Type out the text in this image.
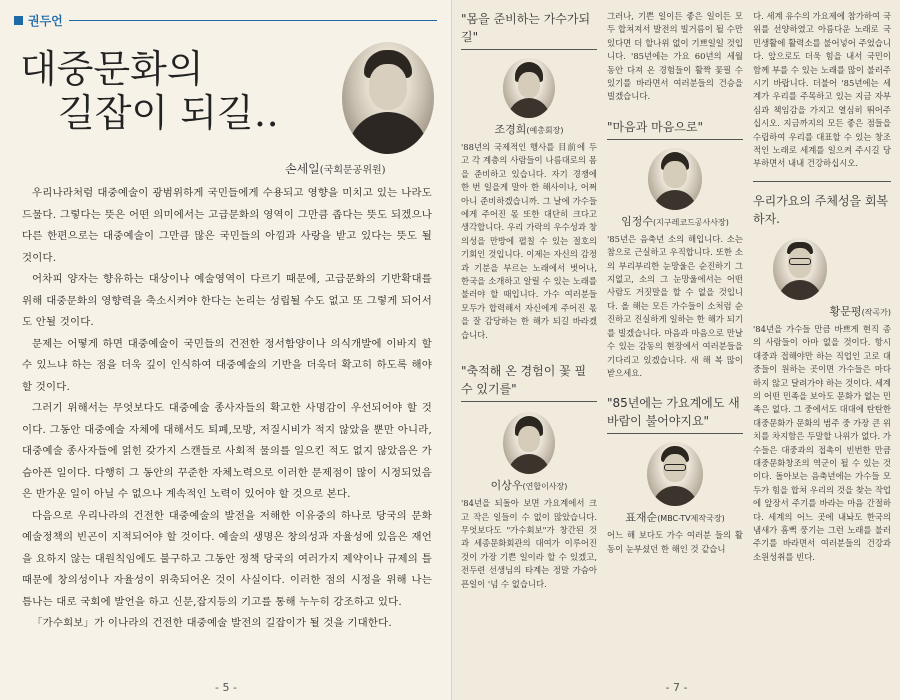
권두언
대중문화의
길잡이 되길‥
손세일(국회문공위원)

우리나라처럼 대중예술이 광범위하게 국민들에게 수용되고 영향을 미치고 있는 나라도 드물다. 그렇다는 뜻은 어떤 의미에서는 고급문화의 영역이 그만큼 좁다는 뜻도 되겠으나 다른 한편으로는 대중예술이 그만큼 많은 국민들의 아낌과 사랑을 받고 있다는 뜻도 될 것이다.

어차피 양자는 향유하는 대상이나 예술영역이 다르기 때문에, 고급문화의 기반확대를 위해 대중문화의 영향력을 축소시켜야 한다는 논리는 성립될 수도 없고 또 그렇게 되어서도 안될 것이다.

문제는 어떻게 하면 대중예술이 국민들의 건전한 정서함양이나 의식개발에 이바지 할 수 있느냐 하는 점을 더욱 깊이 인식하여 대중예술의 기반을 더욱더 확고히 하도록 해야 할 것이다.

그러기 위해서는 무엇보다도 대중예술 종사자들의 확고한 사명감이 우선되어야 할 것이다. 그동안 대중예술 자체에 대해서도 퇴폐,모방, 저질시비가 적지 않았을 뿐만 아니라, 대중예술 종사자들에 얽힌 갖가지 스캔들로 사회적 물의를 일으킨 적도 없지 않았음은 가슴아픈 일이다. 다행히 그 동안의 꾸준한 자체노력으로 이러한 문제점이 많이 시정되었음은 반가운 일이 아닐 수 없으나 계속적인 노력이 있어야 할 것으로 본다.

다음으로 우리나라의 건전한 대중예술의 발전을 저해한 이유중의 하나로 당국의 문화예술정책의 빈곤이 지적되어야 할 것이다. 예술의 생명은 창의성과 자율성에 있음은 재언을 요하지 않는 대원칙임에도 불구하고 그동안 정책 당국의 여러가지 제약이나 규제의 틀 때문에 창의성이나 자율성이 위축되어온 것이 사실이다. 이러한 점의 시정을 위해 나는 틈나는 대로 국회에 발언을 하고 신문,잡지등의 기고를 통해 누누히 강조하고 있다.

「가수회보」가 이나라의 건전한 대중예술 발전의 길잡이가 될 것을 기대한다.

- 5 -
"몸을 준비하는 가수가되길"
조경희(예총회장)
'88년의 국제적인 행사를 目前에 두고 각 계층의 사람들이 나름대로의 몸을 준비하고 있습니다. 자기 경쟁에 한 번 일을게 말아 한 해사이나, 어쩌 아니 준비하겠습니까. 그 날에 가수들에게 주어진 몫 또한 대단히 크다고 생각합니다. 우리 가락의 우수성과 창의성을 만방에 펼칠 수 있는 절호의 기회인 것입니다. 이제는 자신의 감정과 기분을 부르는 노래에서 벗어나, 한국을 소개하고 알릴 수 있는 노래를 불러야 할 때입니다. 가수 여러분들 모두가 합력해서 자신에게 주어진 몫을 잘 감당하는 한 해가 되길 바라겠습니다.
"축적해 온 경험이 꽃 필 수 있기를"
이상우(연합이사장)
'84년을 되돌아 보면 가요계에서 크고 작은 일들이 수 없이 많았습니다. 무엇보다도 "가수회보"가 창간된 것과 세종문화회관의 대여가 이루어진 것이 가장 기쁜 일이라 할 수 있겠고, 전두련 선생님의 타계는 정말 가슴아픈일이 '넘 수 없습니다.
그러나, 기쁜 일이든 좋은 일이든 모두 합쳐져서 발전의 빌거름이 될 수만 있다면 더 할나위 없이 기쁘일일 것입니다. '85년에는 가요 60년의 세월 동안 다져 온 경험들이 활짝 꽃필 수 있기를 바라면서 여러분들의 건승을 빌겠습니다.
"마음과 마음으로"
임정수(지구레코드공사사장)
'85년은 음축년 소의 해입니다. 소는 참으로 근실하고 우직합니다. 또한 소의 부리부리한 눈망울은 순진하기 그지없고, 소의 그 눈망울에서는 어떤 사람도 거짓말을 할 수 없을 것입니다. 올 해는 모든 가수들이 소처럼 순진하고 진실하게 일하는 한 해가 되기를 빌겠습니다. 마음과 마음으로 만날 수 있는 감동의 현장에서 여러분들을 기다리고 있겠습니다. 새 해 복 많이 받으세요.
"85년에는 가요계에도 새 바람이 불어야지요"
표재순(MBC-TV제작국장)
어느 해 보다도 가수 여러분 들의 활동이 눈부셨던 한 해인 것 같습니
다. 세계 유수의 가요제에 참가하여 국위를 선양하였고 아름다운 노래로 국민생활에 활력소를 불어넣어 주었습니다. 앞으로도 더욱 힘을 내서 국민이 함께 부를 수 있는 노래를 많이 불러주시기 바랍니다. 더불어 '85년에는 세계가 우리를 주목하고 있는 지금 자부심과 책임감을 가지고 열심히 뛰어주십시오. 지금까지의 모든 좋은 점들을 수립하여 우리를 대표할 수 있는 창조적인 노래로 세계를 일으켜 주시길 당부하면서 내내 건강하십시오.
우리가요의 주체성을 회복하자.
황문평(작곡가)
'84년을 가수들 만큼 바쁘게 현직 종의 사람들이 아마 없을 것이다. 항시 대중과 접해야만 하는 직업인 고로 대중들이 원하는 곳이면 가수들은 마다하지 않고 달려가야 하는 것이다. 세계의 어떤 민족을 보아도 문화가 없는 민족은 없다. 그 중에서도 대대에 탄탄한 대중문화가 문화의 범주 중 가장 큰 위치를 차지함은 두말할 나위가 없다. 가수들은 대중과의 접촉이 빈번한 만큼 대중문화창조의 역군이 될 수 있는 것이다. 돌아보는 음축년에는 가수들 모두가 힘을 합쳐 우리의 것을 찾는 작업에 앞장서 주기를 바라는 마음 간절하다. 세계의 어느 곳에 내놔도 한국의 냄새가 흠뻑 풍기는 그런 노래를 불러 주기를 바라면서 여러분들의 건강과 소원성취를 빈다.
- 7 -
